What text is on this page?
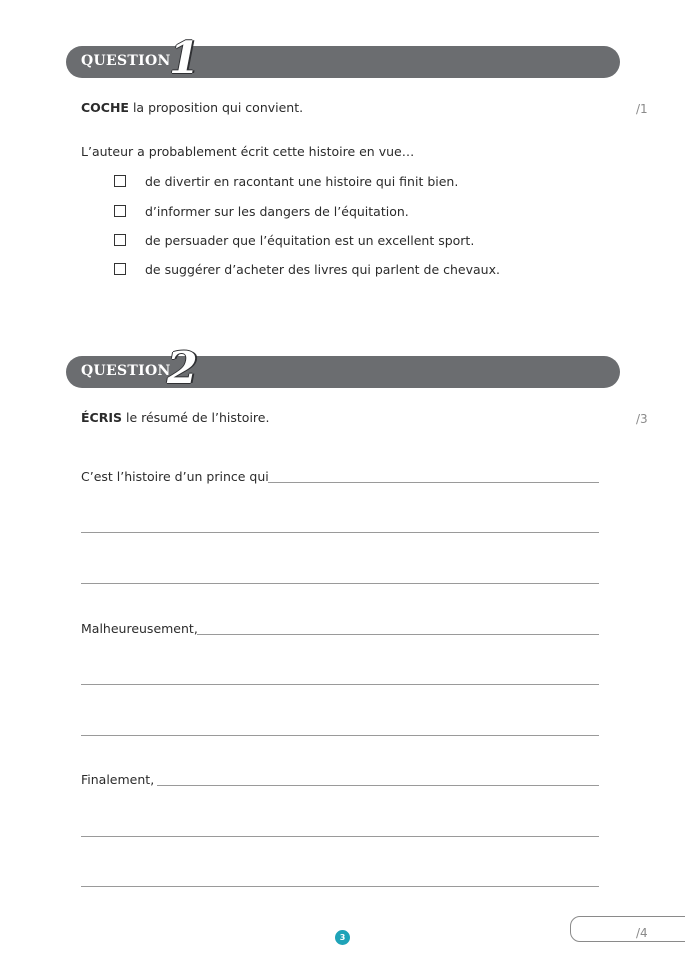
QUESTION
1
COCHE la proposition qui convient.	/1
L’auteur a probablement écrit cette histoire en vue…
de divertir en racontant une histoire qui finit bien.
d’informer sur les dangers de l’équitation.
de persuader que l’équitation est un excellent sport.
de suggérer d’acheter des livres qui parlent de chevaux.
QUESTION
2
ÉCRIS le résumé de l’histoire.	/3
C’est l’histoire d’un prince qui
Malheureusement,
Finalement,
3	/4
